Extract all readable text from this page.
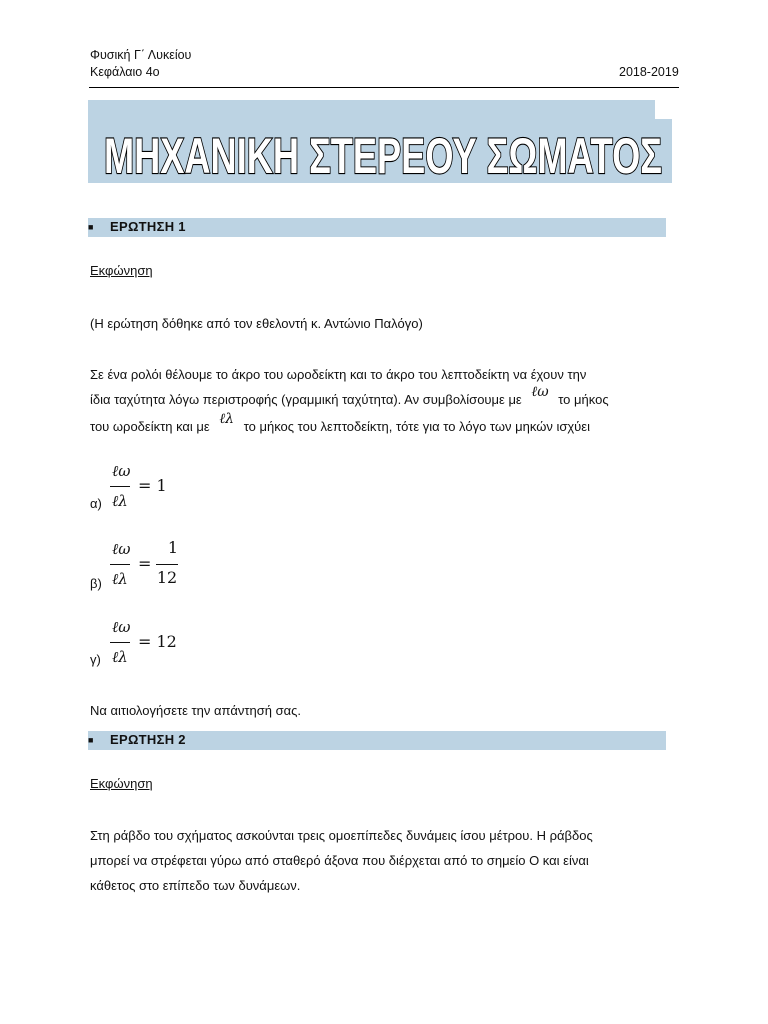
Φυσική Γ΄ Λυκείου
Κεφάλαιο 4ο	2018-2019
ΜΗΧΑΝΙΚΗ ΣΤΕΡΕΟΥ ΣΩΜΑΤΟΣ
■ ΕΡΩΤΗΣΗ 1
Εκφώνηση
(Η ερώτηση δόθηκε από τον εθελοντή κ. Αντώνιο Παλόγο)
Σε ένα ρολόι θέλουμε το άκρο του ωροδείκτη και το άκρο του λεπτοδείκτη να έχουν την
ίδια ταχύτητα λόγω περιστροφής (γραμμική ταχύτητα). Αν συμβολίσουμε με ℓω το μήκος
του ωροδείκτη και με ℓλ το μήκος του λεπτοδείκτη, τότε για το λόγο των μηκών ισχύει
α)
ℓω
ℓλ
= 1
β)
ℓω
ℓλ
=
1
12
γ)
ℓω
ℓλ
= 12
Να αιτιολογήσετε την απάντησή σας.
■ ΕΡΩΤΗΣΗ 2
Εκφώνηση
Στη ράβδο του σχήματος ασκούνται τρεις ομοεπίπεδες δυνάμεις ίσου μέτρου. Η ράβδος
μπορεί να στρέφεται γύρω από σταθερό άξονα που διέρχεται από το σημείο Ο και είναι
κάθετος στο επίπεδο των δυνάμεων.
